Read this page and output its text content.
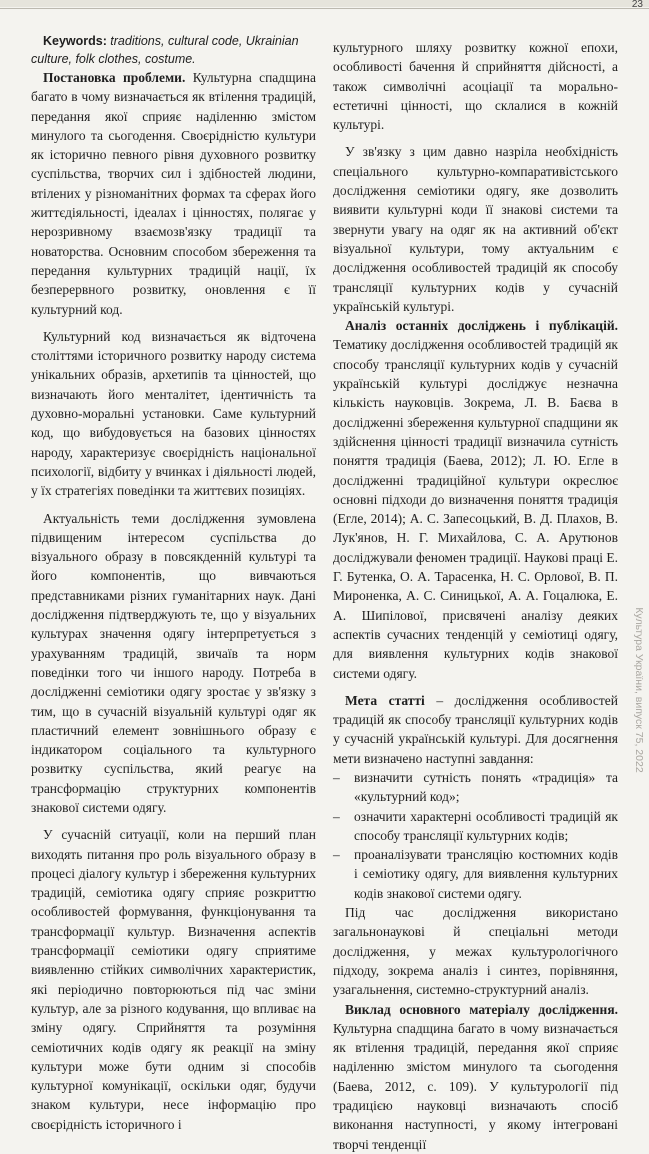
23

Keywords: traditions, cultural code, Ukrainian culture, folk clothes, costume.

Постановка проблеми. Культурна спадщина багато в чому визначається як втілення традицій, передання якої сприяє наділенню змістом минулого та сьогодення. Своєрідністю культури як історично певного рівня духовного розвитку суспільства, творчих сил і здібностей людини, втілених у різноманітних формах та сферах його життєдіяльності, ідеалах і цінностях, полягає у нерозривному взаємозв'язку традиції та новаторства. Основним способом збереження та передання культурних традицій нації, їх безперервного розвитку, оновлення є її культурний код.

Культурний код визначається як відточена століттями історичного розвитку народу система унікальних образів, архетипів та цінностей, що визначають його менталітет, ідентичність та духовно-моральні установки. Саме культурний код, що вибудовується на базових цінностях народу, характеризує своєрідність національної психології, відбиту у вчинках і діяльності людей, у їх стратегіях поведінки та життєвих позиціях.

Актуальність теми дослідження зумовлена підвищеним інтересом суспільства до візуального образу в повсякденній культурі та його компонентів, що вивчаються представниками різних гуманітарних наук. Дані дослідження підтверджують те, що у візуальних культурах значення одягу інтерпретується з урахуванням традицій, звичаїв та норм поведінки того чи іншого народу. Потреба в дослідженні семіотики одягу зростає у зв'язку з тим, що в сучасній візуальній культурі одяг як пластичний елемент зовнішнього образу є індикатором соціального та культурного розвитку суспільства, який реагує на трансформацію структурних компонентів знакової системи одягу.

У сучасній ситуації, коли на перший план виходять питання про роль візуального образу в процесі діалогу культур і збереження культурних традицій, семіотика одягу сприяє розкриттю особливостей формування, функціонування та трансформації культур. Визначення аспектів трансформації семіотики одягу сприятиме виявленню стійких символічних характеристик, які періодично повторюються під час зміни культур, але за різного кодування, що впливає на зміну одягу. Сприйняття та розуміння семіотичних кодів одягу як реакції на зміну культури може бути одним зі способів культурної комунікації, оскільки одяг, будучи знаком культури, несе інформацію про своєрідність історичного і

культурного шляху розвитку кожної епохи, особливості бачення й сприйняття дійсності, а також символічні асоціації та морально-естетичні цінності, що склалися в кожній культурі.

У зв'язку з цим давно назріла необхідність спеціального культурно-компаративістського дослідження семіотики одягу, яке дозволить виявити культурні коди її знакові системи та звернути увагу на одяг як на активний об'єкт візуальної культури, тому актуальним є дослідження особливостей традицій як способу трансляції культурних кодів у сучасній українській культурі.

Аналіз останніх досліджень і публікацій. Тематику дослідження особливостей традицій як способу трансляції культурних кодів у сучасній українській культурі досліджує незначна кількість науковців. Зокрема, Л. В. Баєва в дослідженні збереження культурної спадщини як здійснення цінності традиції визначила сутність поняття традиція (Баева, 2012); Л. Ю. Егле в дослідженні традиційної культури окреслює основні підходи до визначення поняття традиція (Егле, 2014); А. С. Запесоцький, В. Д. Плахов, В. Лук'янов, Н. Г. Михайлова, С. А. Арутюнов досліджували феномен традиції. Наукові праці Е. Г. Бутенка, О. А. Тарасенка, Н. С. Орлової, В. П. Мироненка, А. С. Синицької, А. А. Гоцалюка, Е. А. Шипілової, присвячені аналізу деяких аспектів сучасних тенденцій у семіотиці одягу, для виявлення культурних кодів знакової системи одягу.

Мета статті – дослідження особливостей традицій як способу трансляції культурних кодів у сучасній українській культурі. Для досягнення мети визначено наступні завдання:

– визначити сутність понять «традиція» та «культурний код»;
– означити характерні особливості традицій як способу трансляції культурних кодів;
– проаналізувати трансляцію костюмних кодів і семіотику одягу, для виявлення культурних кодів знакової системи одягу.

Під час дослідження використано загальнонаукові й спеціальні методи дослідження, у межах культурологічного підходу, зокрема аналіз і синтез, порівняння, узагальнення, системно-структурний аналіз.

Виклад основного матеріалу дослідження. Культурна спадщина багато в чому визначається як втілення традицій, передання якої сприяє наділенню змістом минулого та сьогодення (Баева, 2012, с. 109). У культурології під традицією науковці визначають спосіб виконання наступності, у якому інтегровані творчі тенденції

Культура України, випуск 75, 2022
